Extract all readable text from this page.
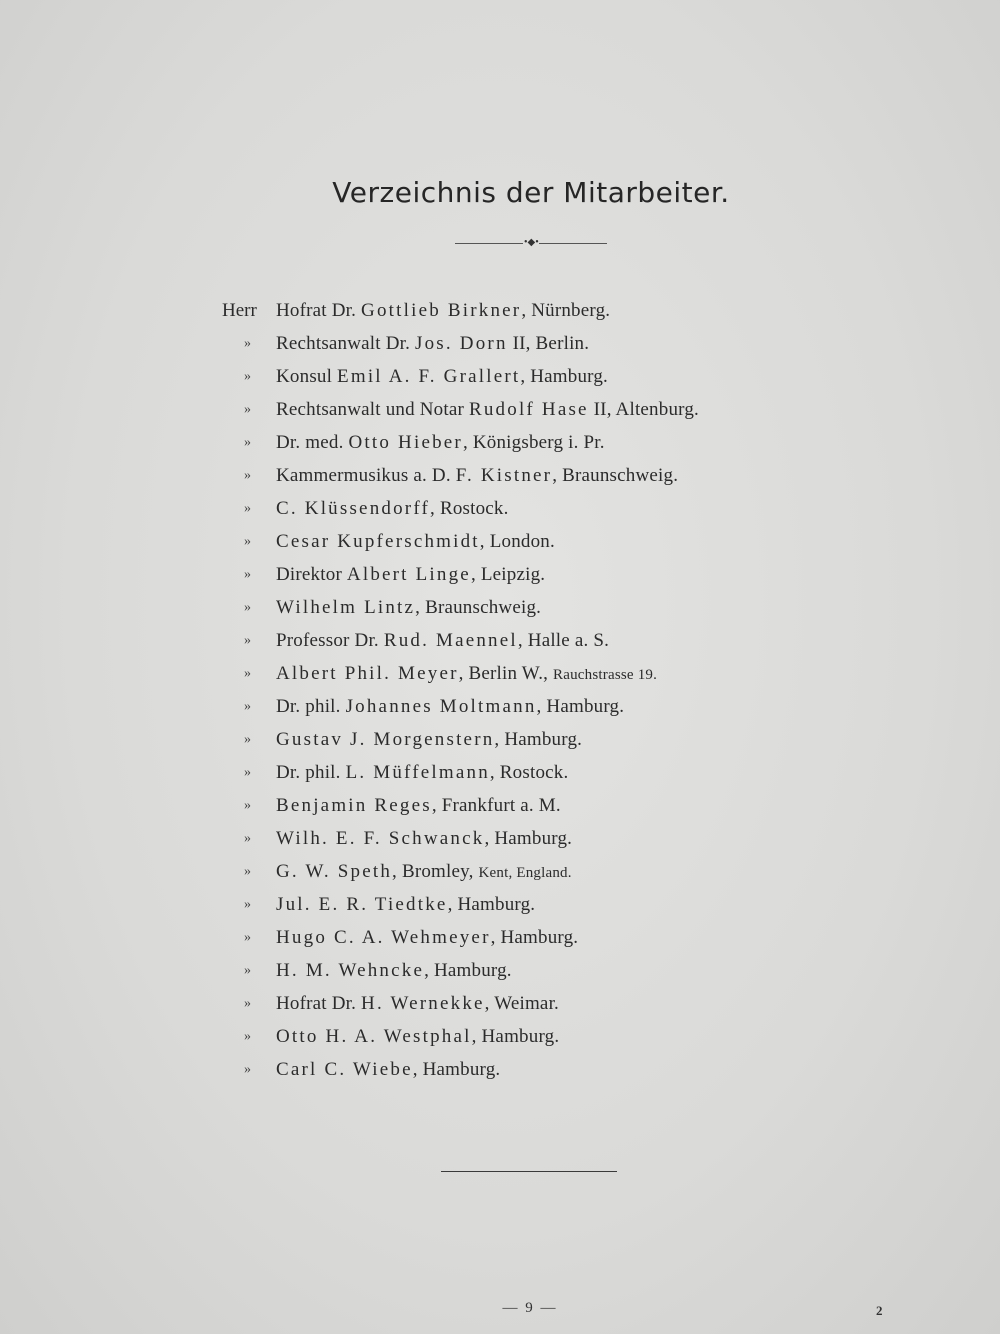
Verzeichnis der Mitarbeiter.
•◆•
Herr	Hofrat Dr. Gottlieb Birkner, Nürnberg.
»	Rechtsanwalt Dr. Jos. Dorn II, Berlin.
»	Konsul Emil A. F. Grallert, Hamburg.
»	Rechtsanwalt und Notar Rudolf Hase II, Altenburg.
»	Dr. med. Otto Hieber, Königsberg i. Pr.
»	Kammermusikus a. D. F. Kistner, Braunschweig.
»	C. Klüssendorff, Rostock.
»	Cesar Kupferschmidt, London.
»	Direktor Albert Linge, Leipzig.
»	Wilhelm Lintz, Braunschweig.
»	Professor Dr. Rud. Maennel, Halle a. S.
»	Albert Phil. Meyer, Berlin W., Rauchstrasse 19.
»	Dr. phil. Johannes Moltmann, Hamburg.
»	Gustav J. Morgenstern, Hamburg.
»	Dr. phil. L. Müffelmann, Rostock.
»	Benjamin Reges, Frankfurt a. M.
»	Wilh. E. F. Schwanck, Hamburg.
»	G. W. Speth, Bromley, Kent, England.
»	Jul. E. R. Tiedtke, Hamburg.
»	Hugo C. A. Wehmeyer, Hamburg.
»	H. M. Wehncke, Hamburg.
»	Hofrat Dr. H. Wernekke, Weimar.
»	Otto H. A. Westphal, Hamburg.
»	Carl C. Wiebe, Hamburg.
— 9 —	2
